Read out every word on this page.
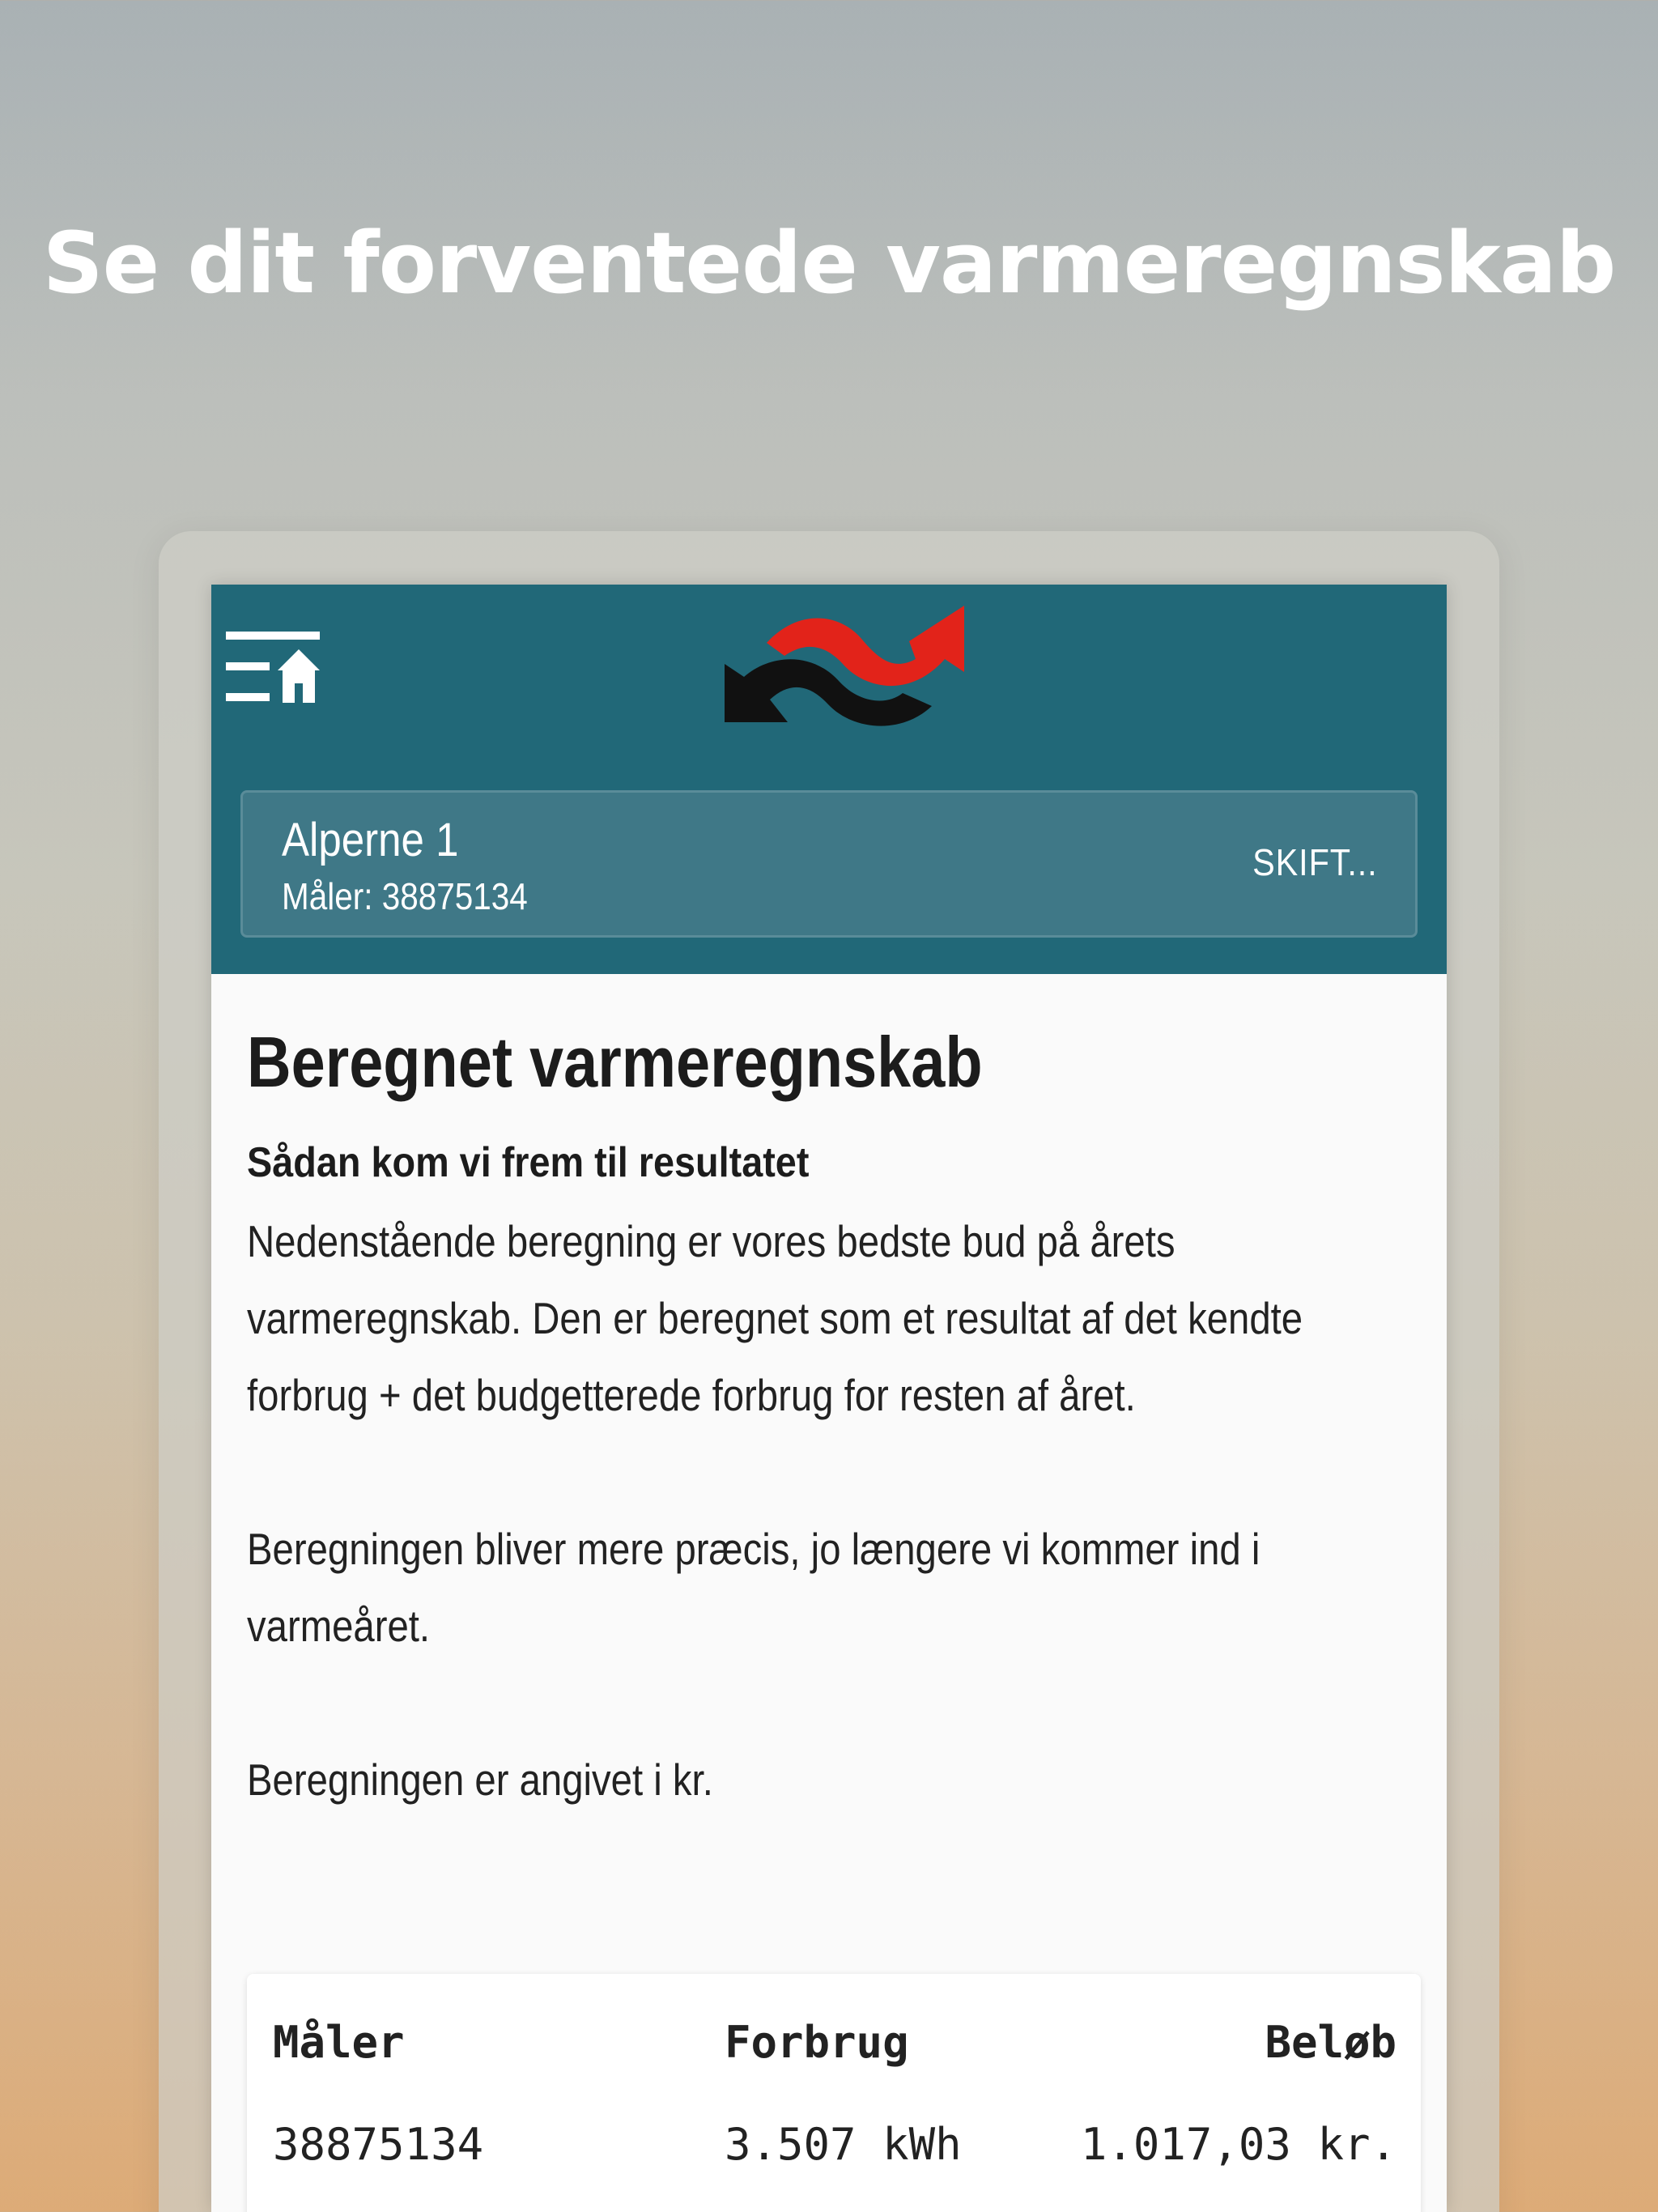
Se dit forventede varmeregnskab
Alperne 1
Måler: 38875134
SKIFT...
Beregnet varmeregnskab
Sådan kom vi frem til resultatet

Nedenstående beregning er vores bedste bud på årets varmeregnskab. Den er beregnet som et resultat af det kendte forbrug + det budgetterede forbrug for resten af året.

Beregningen bliver mere præcis, jo længere vi kommer ind i varmeåret.

Beregningen er angivet i kr.

Måler	Forbrug	Beløb
38875134	3.507 kWh	1.017,03 kr.
